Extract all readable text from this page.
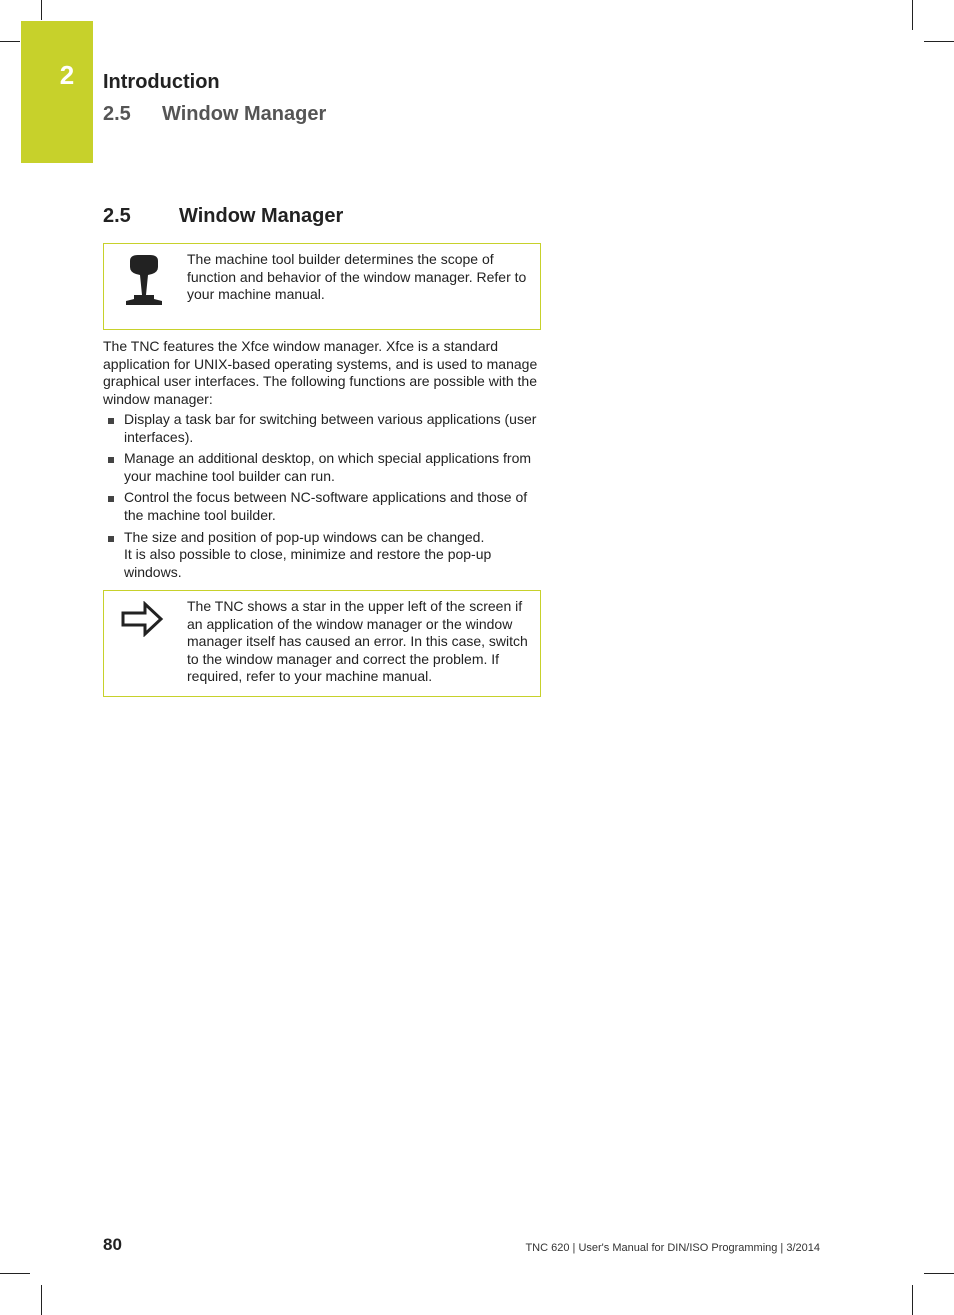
2 Introduction
2.5 Window Manager
2.5 Window Manager
The machine tool builder determines the scope of function and behavior of the window manager. Refer to your machine manual.
The TNC features the Xfce window manager. Xfce is a standard application for UNIX-based operating systems, and is used to manage graphical user interfaces. The following functions are possible with the window manager:
Display a task bar for switching between various applications (user interfaces).
Manage an additional desktop, on which special applications from your machine tool builder can run.
Control the focus between NC-software applications and those of the machine tool builder.
The size and position of pop-up windows can be changed.
It is also possible to close, minimize and restore the pop-up windows.
The TNC shows a star in the upper left of the screen if an application of the window manager or the window manager itself has caused an error. In this case, switch to the window manager and correct the problem. If required, refer to your machine manual.
80	TNC 620 | User's Manual for DIN/ISO Programming | 3/2014
